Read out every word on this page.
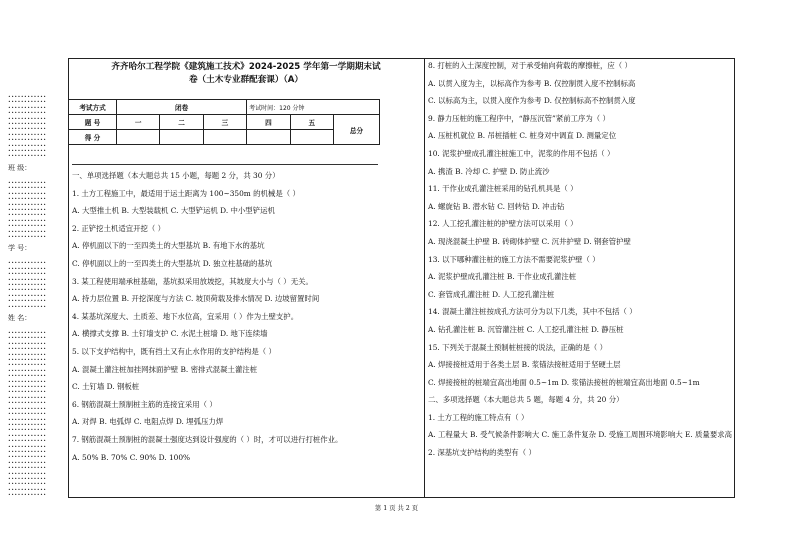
••••••••••••
••••••••••••
••••••••••••
••••••••••••
••••••••••••
••••••••••••
••••••••••••
••••••••••••
••••••••••••
••••••••••••
••••••••••••
••••••••••••
班 级：
••••••••••••
••••••••••••
••••••••••••
••••••••••••
••••••••••••
••••••••••••
••••••••••••
••••••••••••
••••••••••••
••••••••••••
••••••••••••
学 号：
••••••••••••
••••••••••••
••••••••••••
••••••••••••
••••••••••••
••••••••••••
••••••••••••
••••••••••••
••••••••••••
姓 名：
••••••••••••
••••••••••••
••••••••••••
••••••••••••
••••••••••••
••••••••••••
••••••••••••
••••••••••••
••••••••••••
••••••••••••
••••••••••••
••••••••••••
••••••••••••
••••••••••••
••••••••••••
••••••••••••
••••••••••••
••••••••••••
••••••••••••
••••••••••••
••••••••••••
••••••••••••
••••••••••••
••••••••••••
••••••••••••
••••••••••••
••••••••••••
••••••••••••
••••••••••••
••••••••••••
••••••••••••
齐齐哈尔工程学院《建筑施工技术》2024-2025 学年第一学期期末试
卷（土木专业群配套课）（A）
考试方式	闭卷			考试时间：120 分钟		
题 号	一	二	三	四	五	总分
得 分						
一、单项选择题（本大题总共 15 小题，每题 2 分，共 30 分）
1. 土方工程施工中，最适用于运土距离为 100~350m 的机械是（ ）
A. 大型推土机 B. 大型装载机 C. 大型铲运机 D. 中小型铲运机
2. 正铲挖土机适宜开挖（ ）
A. 停机面以下的一至四类土的大型基坑 B. 有地下水的基坑
C. 停机面以上的一至四类土的大型基坑 D. 独立柱基础的基坑
3. 某工程使用端承桩基础，基坑拟采用放坡挖，其坡度大小与（ ）无关。
A. 持力层位置 B. 开挖深度与方法 C. 坡顶荷载及排水情况 D. 边坡留置时间
4. 某基坑深度大、土质差、地下水位高，宜采用（ ）作为土壁支护。
A. 横撑式支撑 B. 土钉墙支护 C. 水泥土桩墙 D. 地下连续墙
5. 以下支护结构中，既有挡土又有止水作用的支护结构是（ ）
A. 混凝土灌注桩加挂网抹面护壁 B. 密排式混凝土灌注桩
C. 土钉墙 D. 钢板桩
6. 钢筋混凝土预制桩主筋的连接宜采用（ ）
A. 对焊 B. 电弧焊 C. 电阻点焊 D. 埋弧压力焊
7. 钢筋混凝土预制桩的混凝土强度达到设计强度的（ ）时，才可以进行打桩作业。
A. 50% B. 70% C. 90% D. 100%
8. 打桩的入土深度控制，对于承受轴向荷载的摩擦桩，应（ ）
A. 以贯入度为主，以标高作为参考 B. 仅控制贯入度不控制标高
C. 以标高为主，以贯入度作为参考 D. 仅控制标高不控制贯入度
9. 静力压桩的施工程序中，“静压沉管”紧前工序为（ ）
A. 压桩机就位 B. 吊桩插桩 C. 桩身对中调直 D. 测量定位
10. 泥浆护壁成孔灌注桩施工中，泥浆的作用不包括（ ）
A. 携渣 B. 冷却 C. 护壁 D. 防止流沙
11. 干作业成孔灌注桩采用的钻孔机具是（ ）
A. 螺旋钻 B. 潜水钻 C. 回转钻 D. 冲击钻
12. 人工挖孔灌注桩的护壁方法可以采用（ ）
A. 现浇混凝土护壁 B. 砖砌体护壁 C. 沉井护壁 D. 钢套管护壁
13. 以下哪种灌注桩的施工方法不需要泥浆护壁（ ）
A. 泥浆护壁成孔灌注桩 B. 干作业成孔灌注桩
C. 套管成孔灌注桩 D. 人工挖孔灌注桩
14. 混凝土灌注桩按成孔方法可分为以下几类，其中不包括（ ）
A. 钻孔灌注桩 B. 沉管灌注桩 C. 人工挖孔灌注桩 D. 静压桩
15. 下列关于混凝土预制桩桩接的说法，正确的是（ ）
A. 焊接接桩适用于各类土层 B. 浆锚法接桩适用于坚硬土层
C. 焊接接桩的桩端宜高出地面 0.5~1m D. 浆锚法接桩的桩端宜高出地面 0.5~1m
二、多项选择题（本大题总共 5 题，每题 4 分，共 20 分）
1. 土方工程的施工特点有（ ）
A. 工程量大 B. 受气候条件影响大 C. 施工条件复杂 D. 受施工周围环境影响大 E. 质量要求高
2. 深基坑支护结构的类型有（ ）
第 1 页 共 2 页
